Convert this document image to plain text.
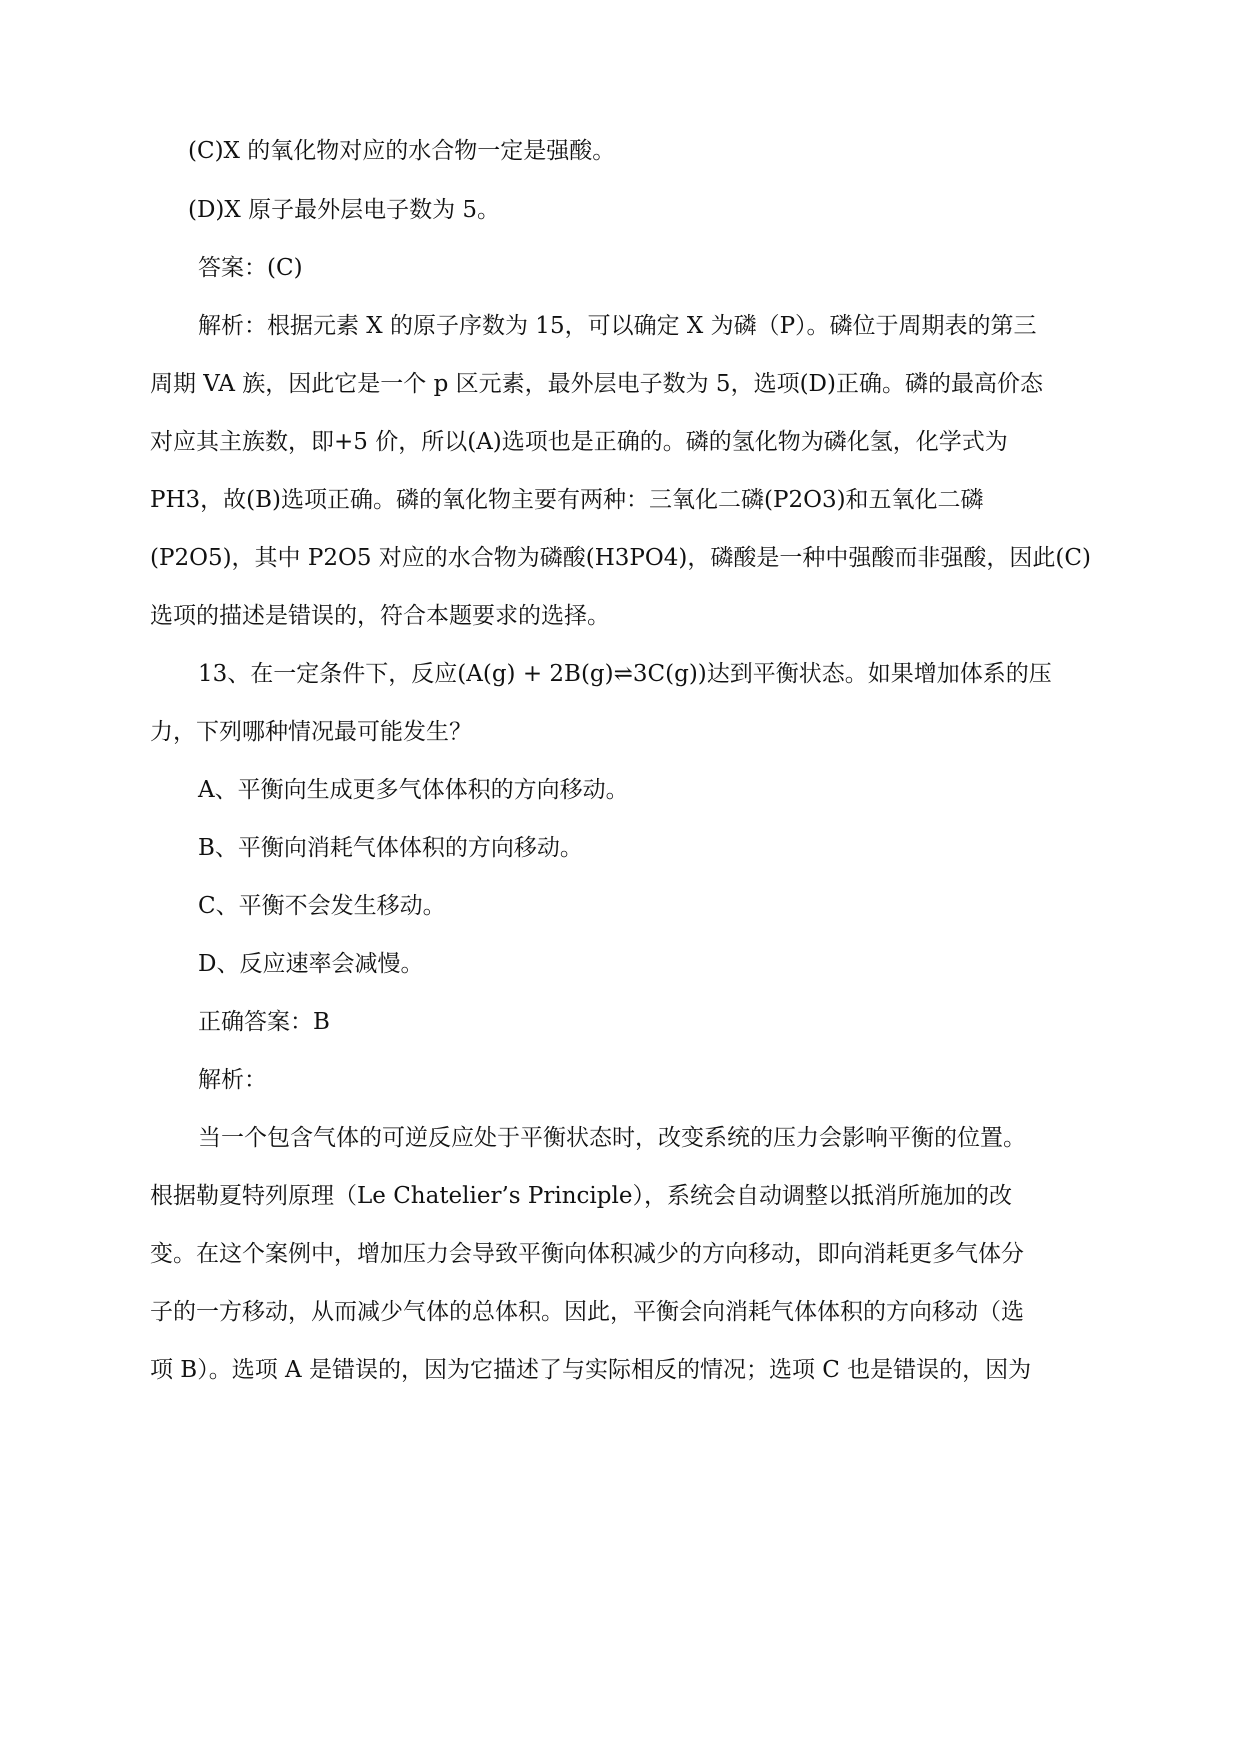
(C)X 的氧化物对应的水合物一定是强酸。
(D)X 原子最外层电子数为 5。
答案：(C)
解析：根据元素 X 的原子序数为 15，可以确定 X 为磷（P）。磷位于周期表的第三
周期 VA 族，因此它是一个 p 区元素，最外层电子数为 5，选项(D)正确。磷的最高价态
对应其主族数，即+5 价，所以(A)选项也是正确的。磷的氢化物为磷化氢，化学式为
PH3，故(B)选项正确。磷的氧化物主要有两种：三氧化二磷(P2O3)和五氧化二磷
(P2O5)，其中 P2O5 对应的水合物为磷酸(H3PO4)，磷酸是一种中强酸而非强酸，因此(C)
选项的描述是错误的，符合本题要求的选择。
13、在一定条件下，反应(A(g) + 2B(g)⇌3C(g))达到平衡状态。如果增加体系的压
力，下列哪种情况最可能发生？
A、平衡向生成更多气体体积的方向移动。
B、平衡向消耗气体体积的方向移动。
C、平衡不会发生移动。
D、反应速率会减慢。
正确答案：B
解析：
当一个包含气体的可逆反应处于平衡状态时，改变系统的压力会影响平衡的位置。
根据勒夏特列原理（Le Chatelier’s Principle），系统会自动调整以抵消所施加的改
变。在这个案例中，增加压力会导致平衡向体积减少的方向移动，即向消耗更多气体分
子的一方移动，从而减少气体的总体积。因此，平衡会向消耗气体体积的方向移动（选
项 B）。选项 A 是错误的，因为它描述了与实际相反的情况；选项 C 也是错误的，因为
